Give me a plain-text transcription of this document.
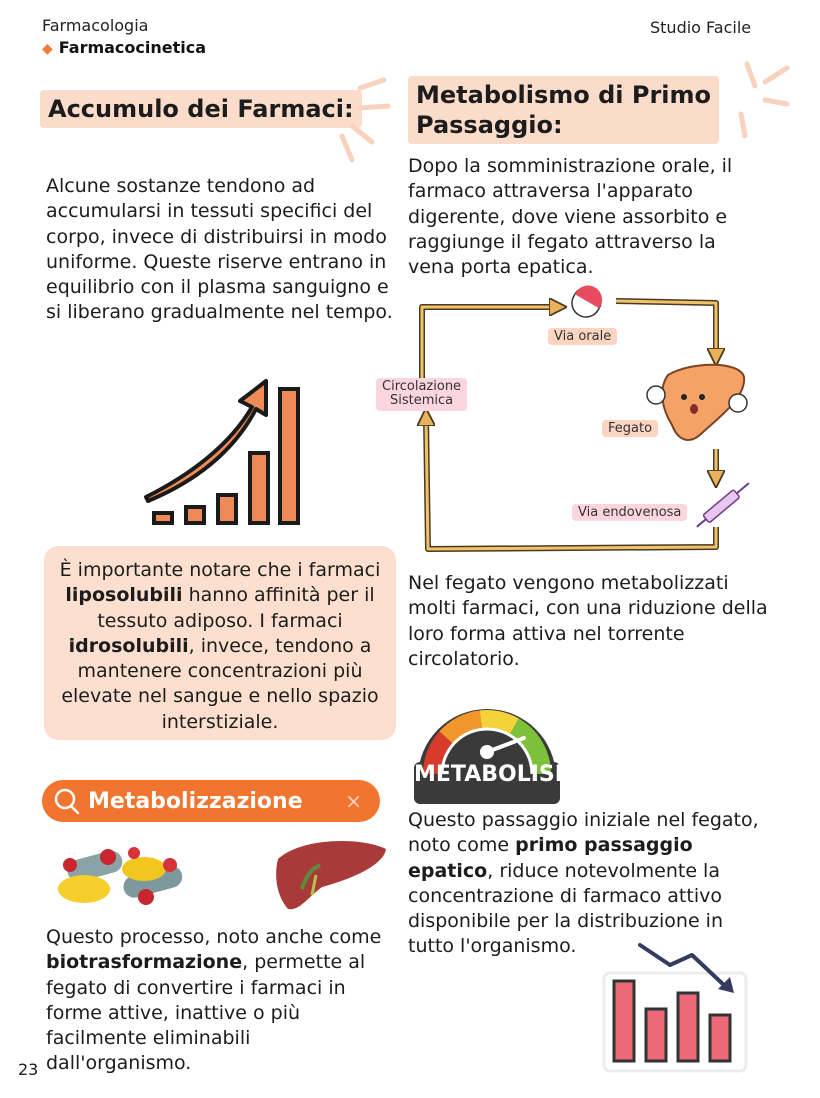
Farmacologia
◆ Farmacocinetica
Studio Facile
Accumulo dei Farmaci:
Alcune sostanze tendono ad accumularsi in tessuti specifici del corpo, invece di distribuirsi in modo uniforme. Queste riserve entrano in equilibrio con il plasma sanguigno e si liberano gradualmente nel tempo.
È importante notare che i farmaci liposolubili hanno affinità per il tessuto adiposo. I farmaci idrosolubili, invece, tendono a mantenere concentrazioni più elevate nel sangue e nello spazio interstiziale.
Metabolizzazione	×
Questo processo, noto anche come biotrasformazione, permette al fegato di convertire i farmaci in forme attive, inattive o più facilmente eliminabili dall'organismo.
23
Metabolismo di Primo
Passaggio:
Dopo la somministrazione orale, il farmaco attraversa l'apparato digerente, dove viene assorbito e raggiunge il fegato attraverso la vena porta epatica.
Via orale
Circolazione
Sistemica
Fegato
Via endovenosa
Nel fegato vengono metabolizzati molti farmaci, con una riduzione della loro forma attiva nel torrente circolatorio.
METABOLISM
Questo passaggio iniziale nel fegato, noto come primo passaggio epatico, riduce notevolmente la concentrazione di farmaco attivo disponibile per la distribuzione in tutto l'organismo.
